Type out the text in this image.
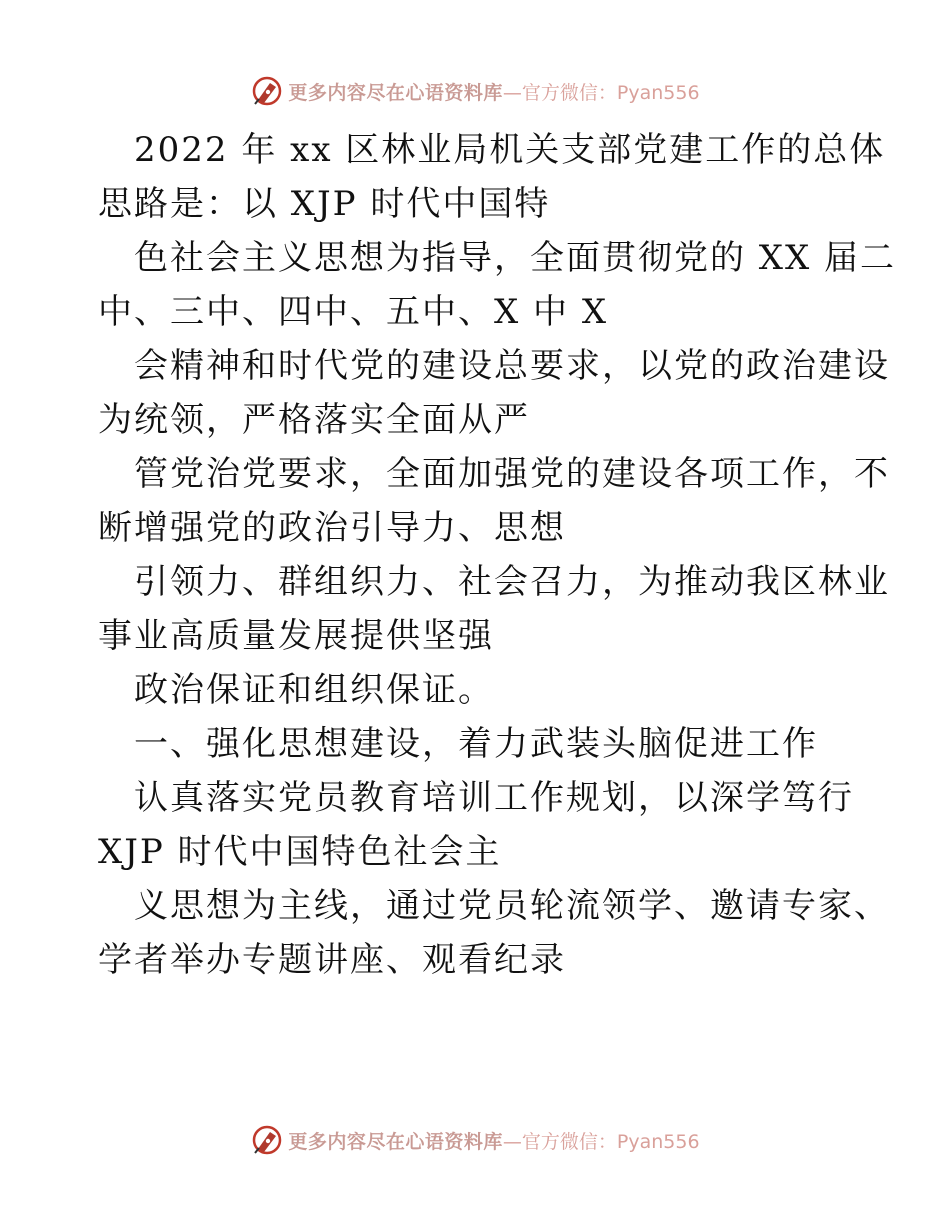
更多内容尽在心语资料库 —官方微信：Pyan556
2022 年 xx 区林业局机关支部党建工作的总体
思路是：以 XJP 时代中国特
色社会主义思想为指导，全面贯彻党的 XX 届二
中、三中、四中、五中、X 中 X
会精神和时代党的建设总要求，以党的政治建设
为统领，严格落实全面从严
管党治党要求，全面加强党的建设各项工作，不
断增强党的政治引导力、思想
引领力、群组织力、社会召力，为推动我区林业
事业高质量发展提供坚强
政治保证和组织保证。
一、强化思想建设，着力武装头脑促进工作
认真落实党员教育培训工作规划，以深学笃行
XJP 时代中国特色社会主
义思想为主线，通过党员轮流领学、邀请专家、
学者举办专题讲座、观看纪录
更多内容尽在心语资料库 —官方微信：Pyan556
